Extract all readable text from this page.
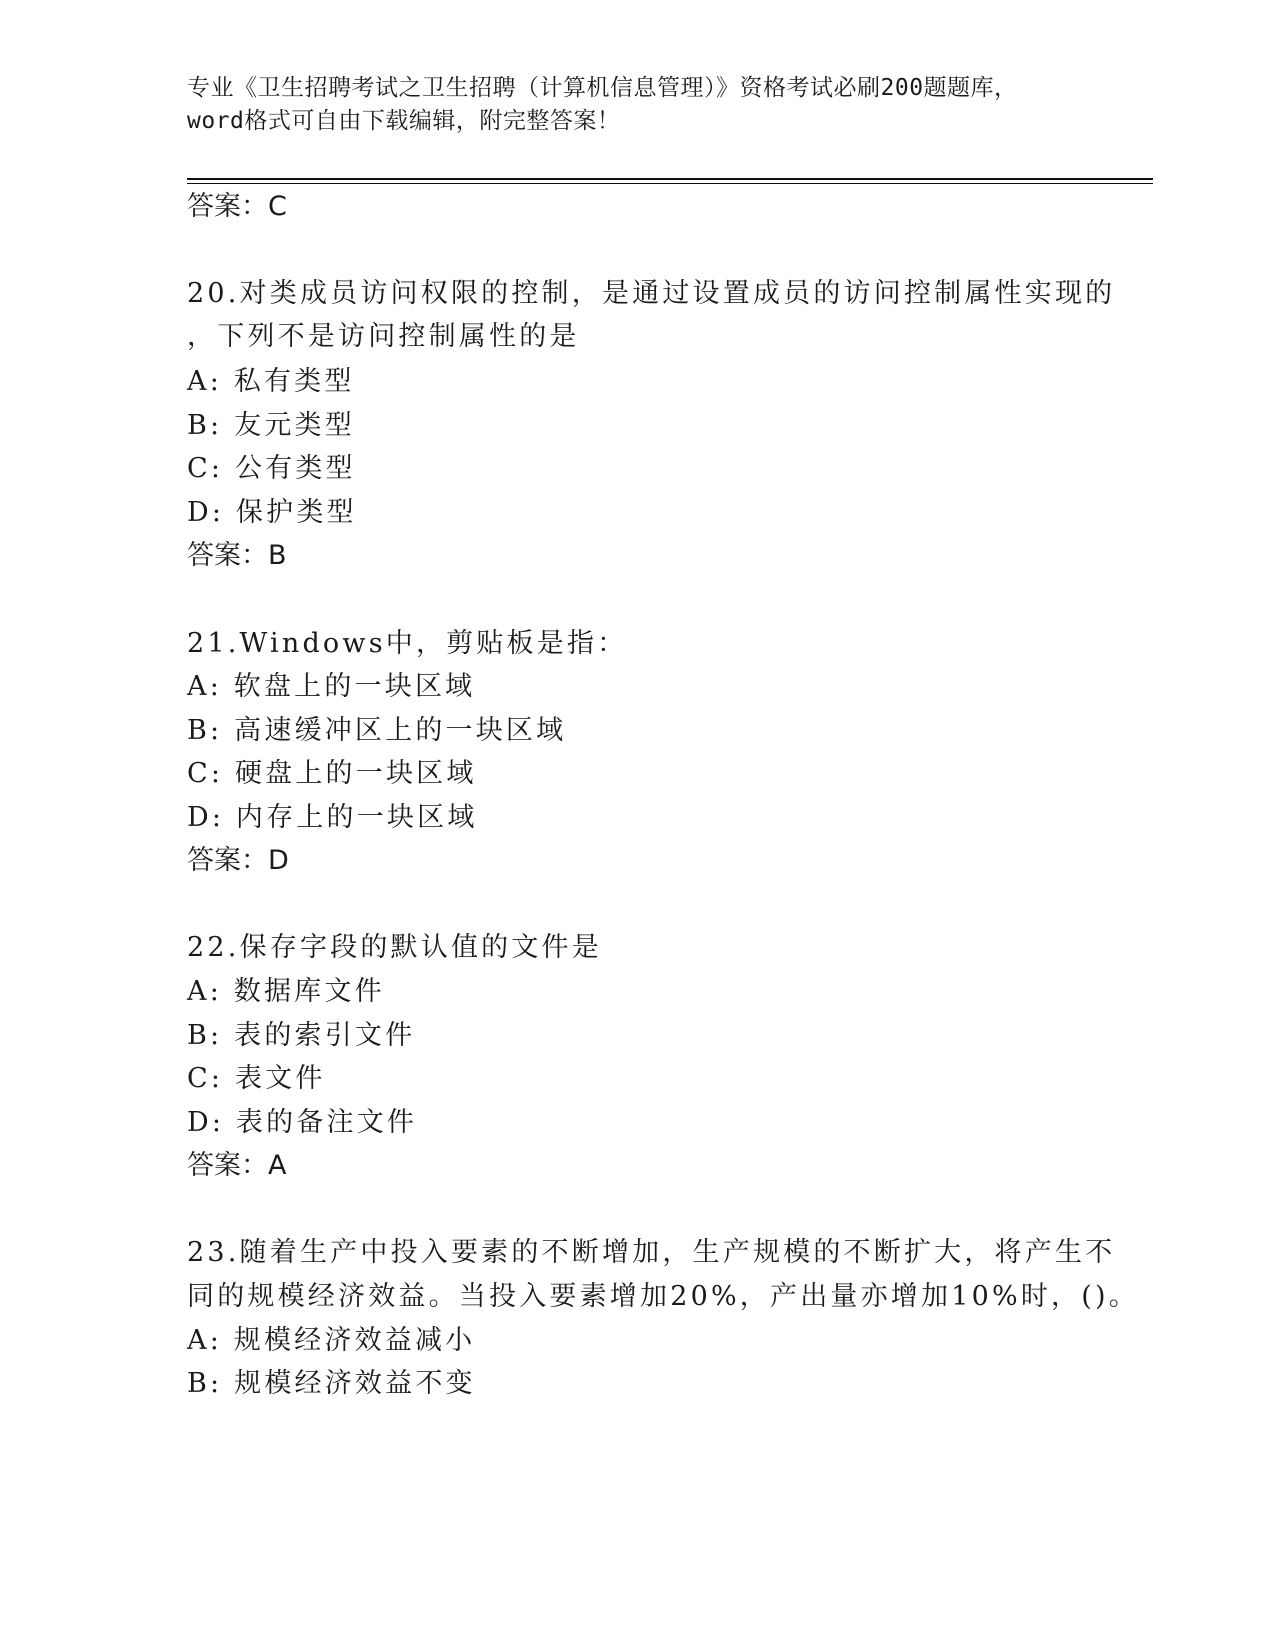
专业《卫生招聘考试之卫生招聘（计算机信息管理）》资格考试必刷200题题库，
word格式可自由下载编辑，附完整答案！
答案：C
20.对类成员访问权限的控制，是通过设置成员的访问控制属性实现的
，下列不是访问控制属性的是
A: 私有类型
B: 友元类型
C: 公有类型
D: 保护类型
答案：B
21.Windows中，剪贴板是指：
A: 软盘上的一块区域
B: 高速缓冲区上的一块区域
C: 硬盘上的一块区域
D: 内存上的一块区域
答案：D
22.保存字段的默认值的文件是
A: 数据库文件
B: 表的索引文件
C: 表文件
D: 表的备注文件
答案：A
23.随着生产中投入要素的不断增加，生产规模的不断扩大，将产生不
同的规模经济效益。当投入要素增加20%，产出量亦增加10%时，()。
A: 规模经济效益减小
B: 规模经济效益不变
